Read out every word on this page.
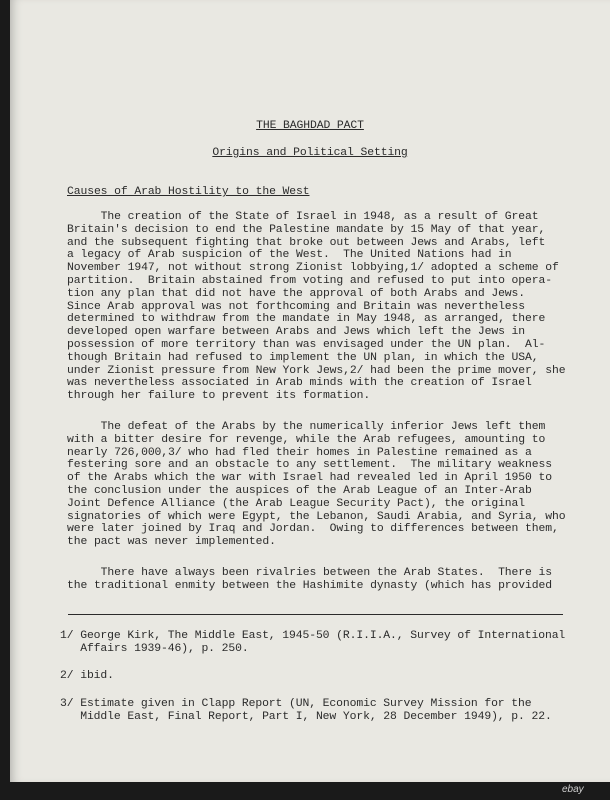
THE BAGHDAD PACT
Origins and Political Setting
Causes of Arab Hostility to the West
The creation of the State of Israel in 1948, as a result of Great
Britain's decision to end the Palestine mandate by 15 May of that year,
and the subsequent fighting that broke out between Jews and Arabs, left
a legacy of Arab suspicion of the West.  The United Nations had in
November 1947, not without strong Zionist lobbying,1/ adopted a scheme of
partition.  Britain abstained from voting and refused to put into opera-
tion any plan that did not have the approval of both Arabs and Jews.
Since Arab approval was not forthcoming and Britain was nevertheless
determined to withdraw from the mandate in May 1948, as arranged, there
developed open warfare between Arabs and Jews which left the Jews in
possession of more territory than was envisaged under the UN plan.  Al-
though Britain had refused to implement the UN plan, in which the USA,
under Zionist pressure from New York Jews,2/ had been the prime mover, she
was nevertheless associated in Arab minds with the creation of Israel
through her failure to prevent its formation.
The defeat of the Arabs by the numerically inferior Jews left them
with a bitter desire for revenge, while the Arab refugees, amounting to
nearly 726,000,3/ who had fled their homes in Palestine remained as a
festering sore and an obstacle to any settlement.  The military weakness
of the Arabs which the war with Israel had revealed led in April 1950 to
the conclusion under the auspices of the Arab League of an Inter-Arab
Joint Defence Alliance (the Arab League Security Pact), the original
signatories of which were Egypt, the Lebanon, Saudi Arabia, and Syria, who
were later joined by Iraq and Jordan.  Owing to differences between them,
the pact was never implemented.
There have always been rivalries between the Arab States.  There is
the traditional enmity between the Hashimite dynasty (which has provided
1/ George Kirk, The Middle East, 1945-50 (R.I.I.A., Survey of International
Affairs 1939-46), p. 250.
2/ ibid.
3/ Estimate given in Clapp Report (UN, Economic Survey Mission for the
Middle East, Final Report, Part I, New York, 28 December 1949), p. 22.
ebay
